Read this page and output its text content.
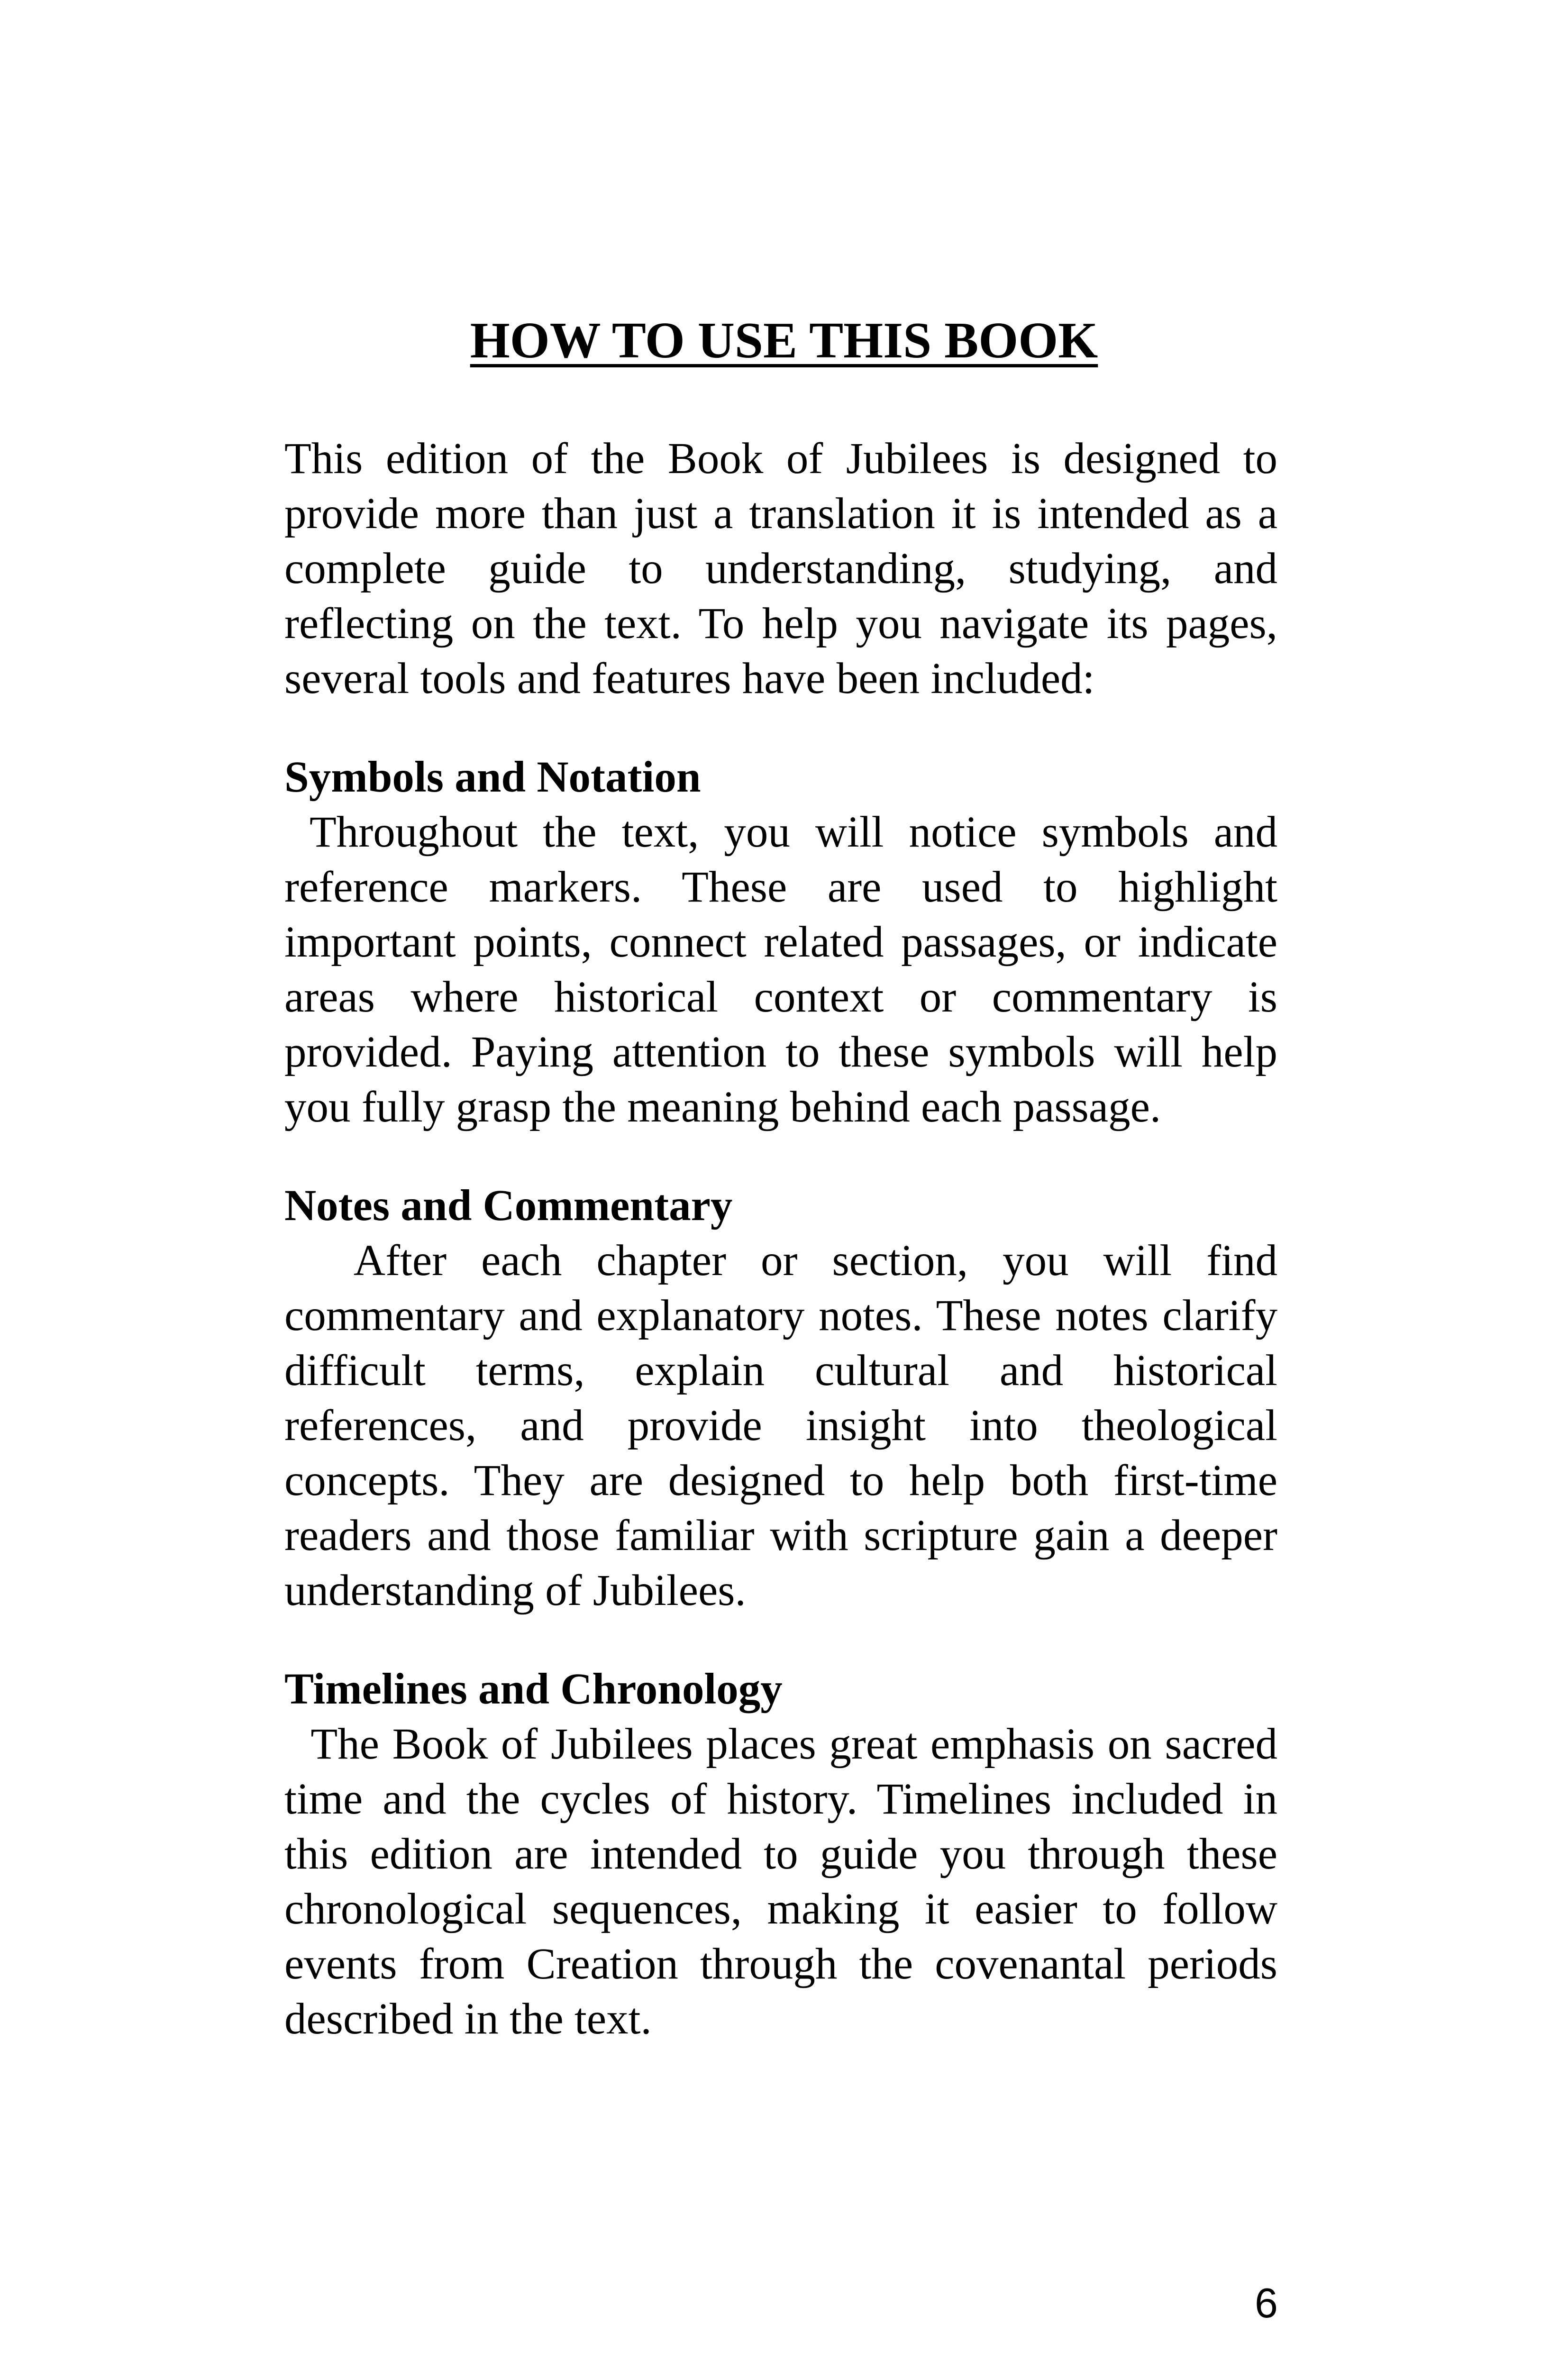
HOW TO USE THIS BOOK

This edition of the Book of Jubilees is designed to provide more than just a translation it is intended as a complete guide to understanding, studying, and reflecting on the text. To help you navigate its pages, several tools and features have been included:

Symbols and Notation

Throughout the text, you will notice symbols and reference markers. These are used to highlight important points, connect related passages, or indicate areas where historical context or commentary is provided. Paying attention to these symbols will help you fully grasp the meaning behind each passage.

Notes and Commentary

After each chapter or section, you will find commentary and explanatory notes. These notes clarify difficult terms, explain cultural and historical references, and provide insight into theological concepts. They are designed to help both first-time readers and those familiar with scripture gain a deeper understanding of Jubilees.

Timelines and Chronology

The Book of Jubilees places great emphasis on sacred time and the cycles of history. Timelines included in this edition are intended to guide you through these chronological sequences, making it easier to follow events from Creation through the covenantal periods described in the text.

6
